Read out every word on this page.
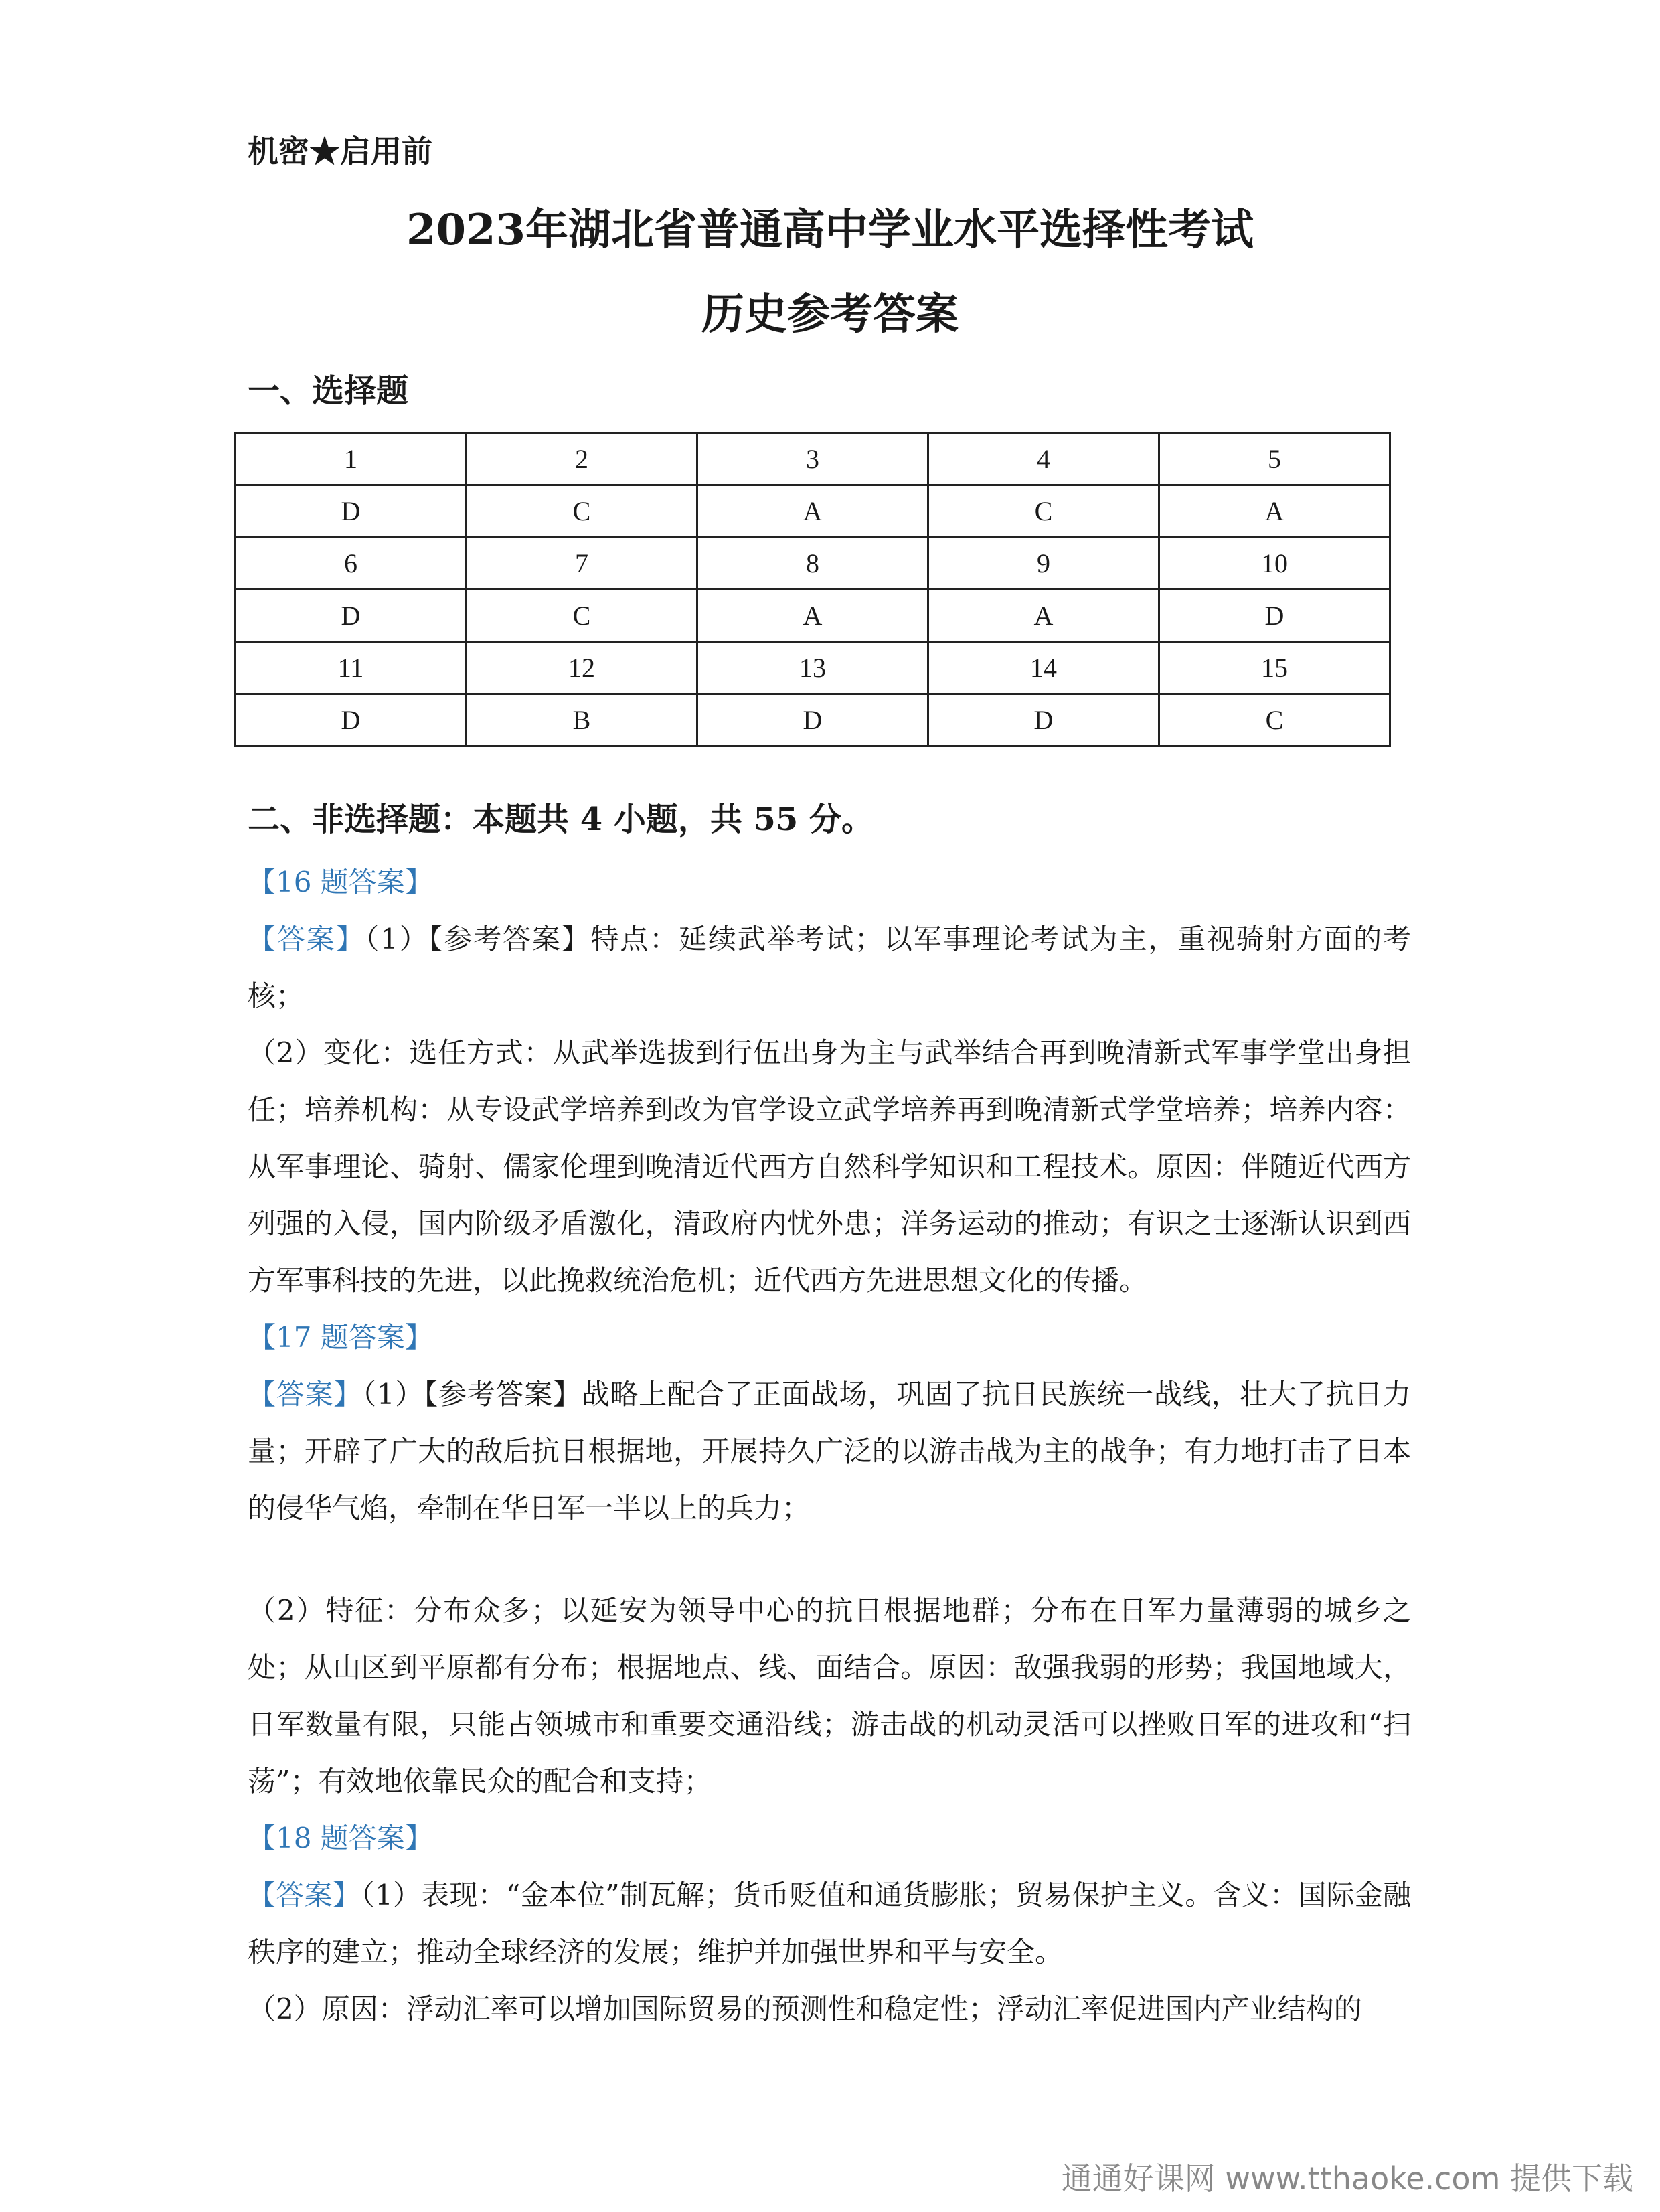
机密★启用前
2023年湖北省普通高中学业水平选择性考试
历史参考答案
一、选择题
1	2	3	4	5
D	C	A	C	A
6	7	8	9	10
D	C	A	A	D
11	12	13	14	15
D	B	D	D	C
二、非选择题：本题共 4 小题，共 55 分。

【16 题答案】

【答案】（1）【参考答案】特点：延续武举考试；以军事理论考试为主，重视骑射方面的考核；

（2）变化：选任方式：从武举选拔到行伍出身为主与武举结合再到晚清新式军事学堂出身担任；培养机构：从专设武学培养到改为官学设立武学培养再到晚清新式学堂培养；培养内容：从军事理论、骑射、儒家伦理到晚清近代西方自然科学知识和工程技术。原因：伴随近代西方列强的入侵，国内阶级矛盾激化，清政府内忧外患；洋务运动的推动；有识之士逐渐认识到西方军事科技的先进，以此挽救统治危机；近代西方先进思想文化的传播。

【17 题答案】

【答案】（1）【参考答案】战略上配合了正面战场，巩固了抗日民族统一战线，壮大了抗日力量；开辟了广大的敌后抗日根据地，开展持久广泛的以游击战为主的战争；有力地打击了日本的侵华气焰，牵制在华日军一半以上的兵力；

（2）特征：分布众多；以延安为领导中心的抗日根据地群；分布在日军力量薄弱的城乡之处；从山区到平原都有分布；根据地点、线、面结合。原因：敌强我弱的形势；我国地域大，日军数量有限，只能占领城市和重要交通沿线；游击战的机动灵活可以挫败日军的进攻和“扫荡”；有效地依靠民众的配合和支持；

【18 题答案】

【答案】（1）表现：“金本位”制瓦解；货币贬值和通货膨胀；贸易保护主义。含义：国际金融秩序的建立；推动全球经济的发展；维护并加强世界和平与安全。

（2）原因：浮动汇率可以增加国际贸易的预测性和稳定性；浮动汇率促进国内产业结构的

通通好课网 www.tthaoke.com 提供下载
